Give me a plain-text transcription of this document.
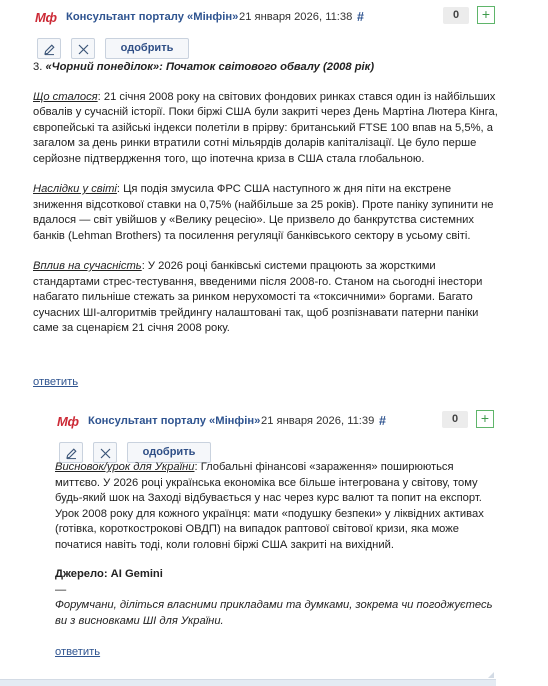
Мф Консультант порталу «Мінфін» 21 января 2026, 11:38 #	0	+
одобрить

3. «Чорний понеділок»: Початок світового обвалу (2008 рік)

Що сталося: 21 січня 2008 року на світових фондових ринках стався один із найбільших обвалів у сучасній історії. Поки біржі США були закриті через День Мартіна Лютера Кінга, європейські та азійські індекси полетіли в прірву: британський FTSE 100 впав на 5,5%, а загалом за день ринки втратили сотні мільярдів доларів капіталізації. Це було перше серйозне підтвердження того, що іпотечна криза в США стала глобальною.

Наслідки у світі: Ця подія змусила ФРС США наступного ж дня піти на екстрене зниження відсоткової ставки на 0,75% (найбільше за 25 років). Проте паніку зупинити не вдалося — світ увійшов у «Велику рецесію». Це призвело до банкрутства системних банків (Lehman Brothers) та посилення регуляції банківського сектору в усьому світі.

Вплив на сучасність: У 2026 році банківські системи працюють за жорсткими стандартами стрес-тестування, введеними після 2008-го. Станом на сьогодні інестори набагато пильніше стежать за ринком нерухомості та «токсичними» боргами. Багато сучасних ШІ-алгоритмів трейдингу налаштовані так, щоб розпізнавати патерни паніки саме за сценарієм 21 січня 2008 року.

ответить
Мф Консультант порталу «Мінфін» 21 января 2026, 11:39 #	0	+
одобрить

Висновок/урок для України: Глобальні фінансові «зараження» поширюються миттєво. У 2026 році українська економіка все більше інтегрована у світову, тому будь-який шок на Заході відбувається у нас через курс валют та попит на експорт. Урок 2008 року для кожного українця: мати «подушку безпеки» у ліквідних активах (готівка, короткострокові ОВДП) на випадок раптової світової кризи, яка може початися навіть тоді, коли головні біржі США закриті на вихідний.

Джерело: AI Gemini

—

Форумчани, діліться власними прикладами та думками, зокрема чи погоджуєтесь ви з висновками ШІ для України.

ответить
